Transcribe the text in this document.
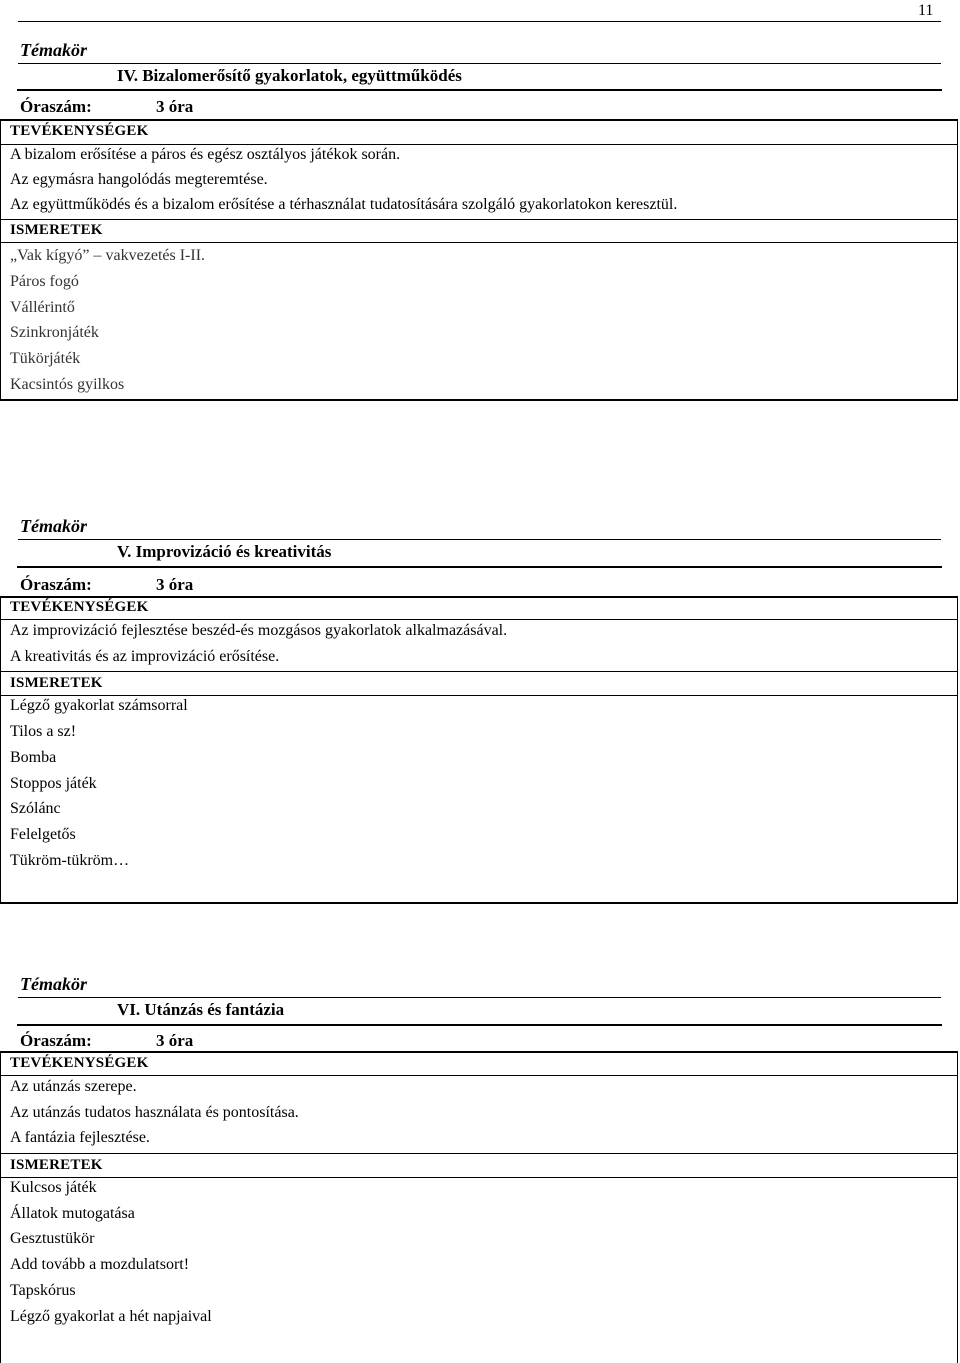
11
Témakör
IV. Bizalomerősítő gyakorlatok, együttműködés
Óraszám:	3 óra
TEVÉKENYSÉGEK
A bizalom erősítése a páros és egész osztályos játékok során.
Az egymásra hangolódás megteremtése.
Az együttműködés és a bizalom erősítése a térhasználat tudatosítására szolgáló gyakorlatokon keresztül.
ISMERETEK
„Vak kígyó” – vakvezetés I-II.
Páros fogó
Vállérintő
Szinkronjáték
Tükörjáték
Kacsintós gyilkos
Témakör
V. Improvizáció és kreativitás
Óraszám:	3 óra
TEVÉKENYSÉGEK
Az improvizáció fejlesztése beszéd-és mozgásos gyakorlatok alkalmazásával.
A kreativitás és az improvizáció erősítése.
ISMERETEK
Légző gyakorlat számsorral
Tilos a sz!
Bomba
Stoppos játék
Szólánc
Felelgetős
Tükröm-tükröm…
Témakör
VI. Utánzás és fantázia
Óraszám:	3 óra
TEVÉKENYSÉGEK
Az utánzás szerepe.
Az utánzás tudatos használata és pontosítása.
A fantázia fejlesztése.
ISMERETEK
Kulcsos játék
Állatok mutogatása
Gesztustükör
Add tovább a mozdulatsort!
Tapskórus
Légző gyakorlat a hét napjaival
